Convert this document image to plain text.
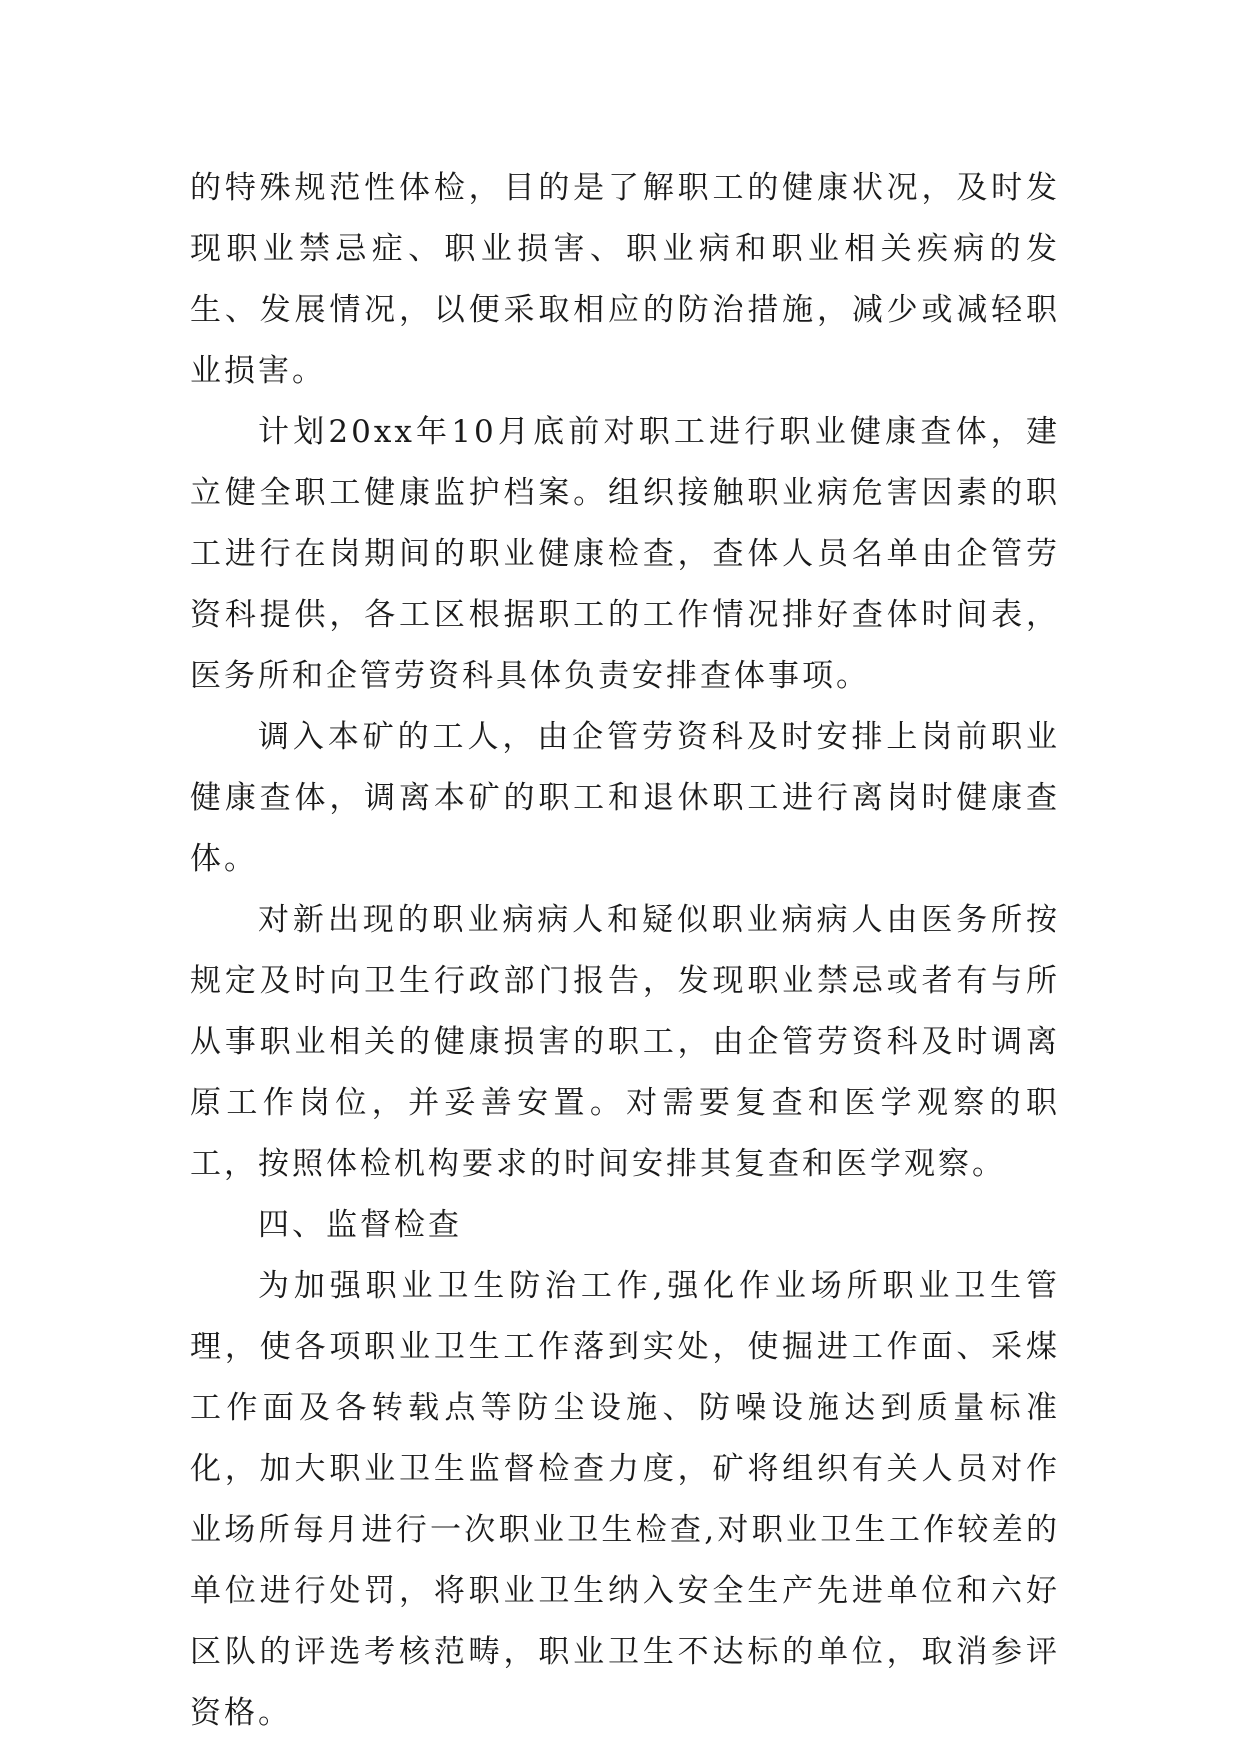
的特殊规范性体检，目的是了解职工的健康状况，及时发现职业禁忌症、职业损害、职业病和职业相关疾病的发生、发展情况，以便采取相应的防治措施，减少或减轻职业损害。

计划20xx年10月底前对职工进行职业健康查体，建立健全职工健康监护档案。组织接触职业病危害因素的职工进行在岗期间的职业健康检查，查体人员名单由企管劳资科提供，各工区根据职工的工作情况排好查体时间表，医务所和企管劳资科具体负责安排查体事项。

调入本矿的工人，由企管劳资科及时安排上岗前职业健康查体，调离本矿的职工和退休职工进行离岗时健康查体。

对新出现的职业病病人和疑似职业病病人由医务所按规定及时向卫生行政部门报告，发现职业禁忌或者有与所从事职业相关的健康损害的职工，由企管劳资科及时调离原工作岗位，并妥善安置。对需要复查和医学观察的职工，按照体检机构要求的时间安排其复查和医学观察。

四、监督检查

为加强职业卫生防治工作,强化作业场所职业卫生管理，使各项职业卫生工作落到实处，使掘进工作面、采煤工作面及各转载点等防尘设施、防噪设施达到质量标准化，加大职业卫生监督检查力度，矿将组织有关人员对作业场所每月进行一次职业卫生检查,对职业卫生工作较差的单位进行处罚，将职业卫生纳入安全生产先进单位和六好区队的评选考核范畴，职业卫生不达标的单位，取消参评资格。
